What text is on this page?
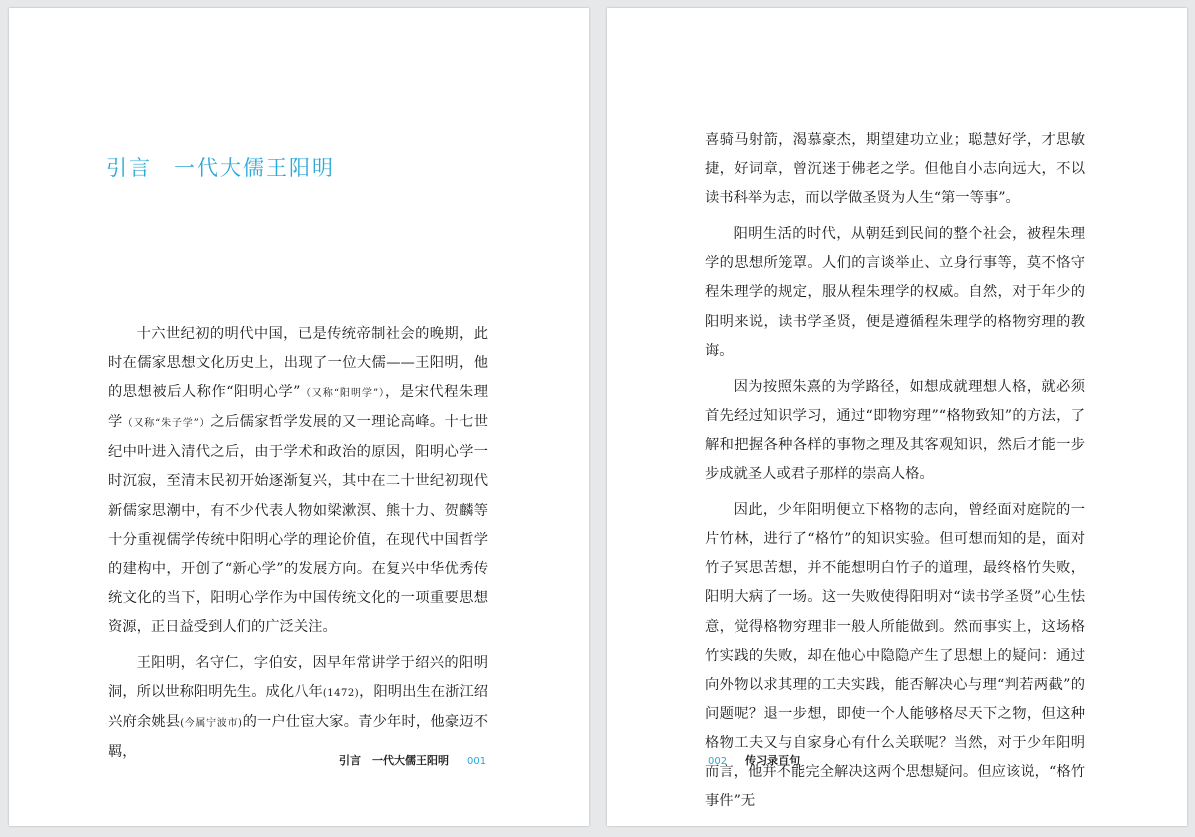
引言 一代大儒王阳明

十六世纪初的明代中国，已是传统帝制社会的晚期，此时在儒家思想文化历史上，出现了一位大儒——王阳明，他的思想被后人称作“阳明心学”（又称“阳明学”），是宋代程朱理学（又称“朱子学”）之后儒家哲学发展的又一理论高峰。十七世纪中叶进入清代之后，由于学术和政治的原因，阳明心学一时沉寂，至清末民初开始逐渐复兴，其中在二十世纪初现代新儒家思潮中，有不少代表人物如梁漱溟、熊十力、贺麟等十分重视儒学传统中阳明心学的理论价值，在现代中国哲学的建构中，开创了“新心学”的发展方向。在复兴中华优秀传统文化的当下，阳明心学作为中国传统文化的一项重要思想资源，正日益受到人们的广泛关注。

王阳明，名守仁，字伯安，因早年常讲学于绍兴的阳明洞，所以世称阳明先生。成化八年(1472)，阳明出生在浙江绍兴府余姚县(今属宁波市)的一户仕宦大家。青少年时，他豪迈不羁，

引言　一代大儒王阳明 001

喜骑马射箭，渴慕豪杰，期望建功立业；聪慧好学，才思敏捷，好词章，曾沉迷于佛老之学。但他自小志向远大，不以读书科举为志，而以学做圣贤为人生“第一等事”。

阳明生活的时代，从朝廷到民间的整个社会，被程朱理学的思想所笼罩。人们的言谈举止、立身行事等，莫不恪守程朱理学的规定，服从程朱理学的权威。自然，对于年少的阳明来说，读书学圣贤，便是遵循程朱理学的格物穷理的教诲。

因为按照朱熹的为学路径，如想成就理想人格，就必须首先经过知识学习，通过“即物穷理”“格物致知”的方法，了解和把握各种各样的事物之理及其客观知识，然后才能一步步成就圣人或君子那样的崇高人格。

因此，少年阳明便立下格物的志向，曾经面对庭院的一片竹林，进行了“格竹”的知识实验。但可想而知的是，面对竹子冥思苦想，并不能想明白竹子的道理，最终格竹失败，阳明大病了一场。这一失败使得阳明对“读书学圣贤”心生怯意，觉得格物穷理非一般人所能做到。然而事实上，这场格竹实践的失败，却在他心中隐隐产生了思想上的疑问：通过向外物以求其理的工夫实践，能否解决心与理“判若两截”的问题呢？退一步想，即使一个人能够格尽天下之物，但这种格物工夫又与自家身心有什么关联呢？当然，对于少年阳明而言，他并不能完全解决这两个思想疑问。但应该说，“格竹事件”无

002 传习录百句
